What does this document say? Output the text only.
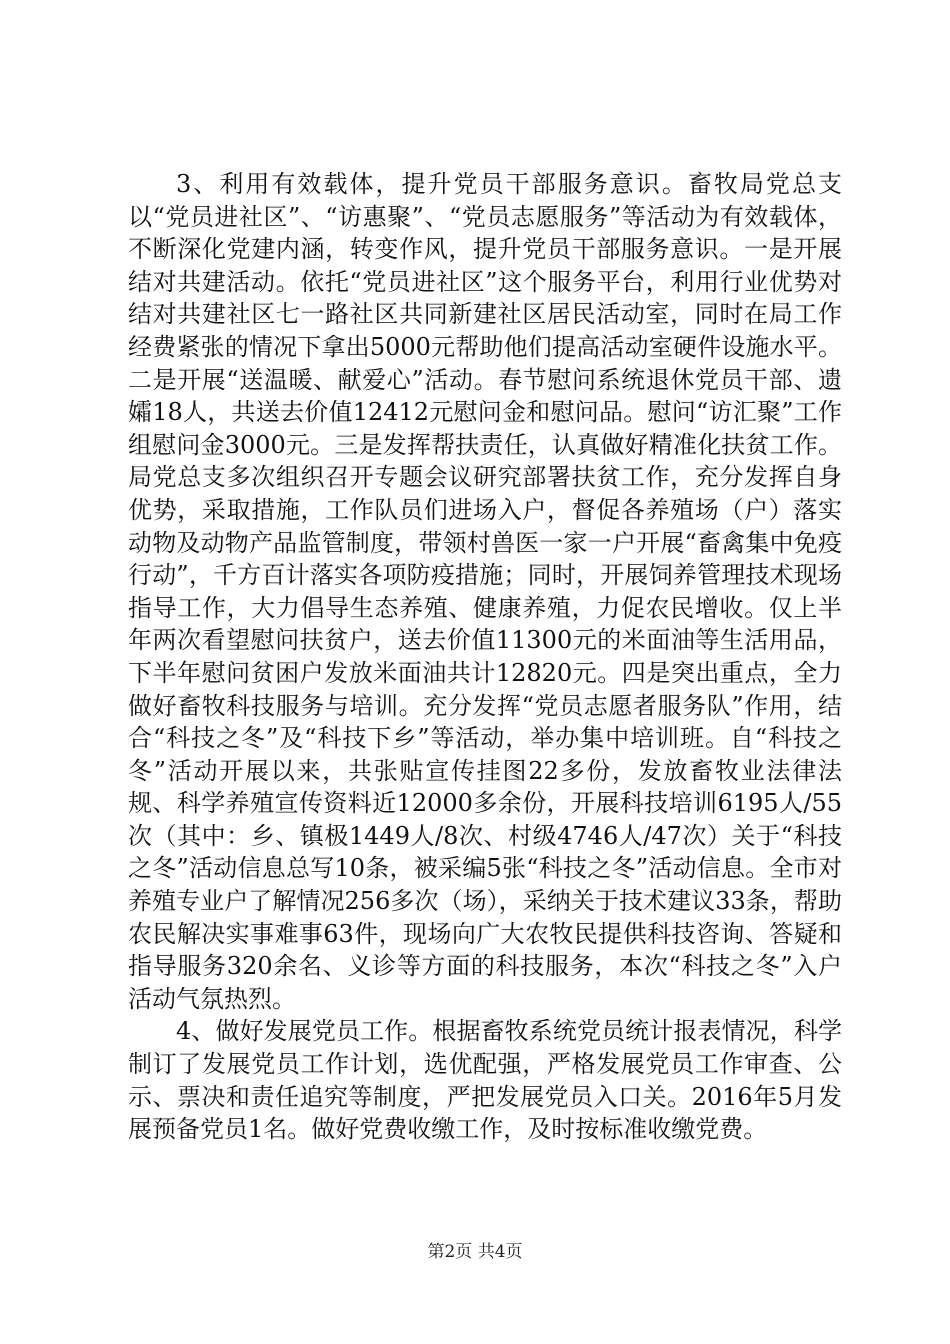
3、利用有效载体，提升党员干部服务意识。畜牧局党总支以“党员进社区”、“访惠聚”、“党员志愿服务”等活动为有效载体，不断深化党建内涵，转变作风，提升党员干部服务意识。一是开展结对共建活动。依托“党员进社区”这个服务平台，利用行业优势对结对共建社区七一路社区共同新建社区居民活动室，同时在局工作经费紧张的情况下拿出5000元帮助他们提高活动室硬件设施水平。二是开展“送温暖、献爱心”活动。春节慰问系统退休党员干部、遗孀18人，共送去价值12412元慰问金和慰问品。慰问“访汇聚”工作组慰问金3000元。三是发挥帮扶责任，认真做好精准化扶贫工作。局党总支多次组织召开专题会议研究部署扶贫工作，充分发挥自身优势，采取措施，工作队员们进场入户，督促各养殖场（户）落实动物及动物产品监管制度，带领村兽医一家一户开展“畜禽集中免疫行动”，千方百计落实各项防疫措施；同时，开展饲养管理技术现场指导工作，大力倡导生态养殖、健康养殖，力促农民增收。仅上半年两次看望慰问扶贫户，送去价值11300元的米面油等生活用品，下半年慰问贫困户发放米面油共计12820元。四是突出重点，全力做好畜牧科技服务与培训。充分发挥“党员志愿者服务队”作用，结合“科技之冬”及“科技下乡”等活动，举办集中培训班。自“科技之冬”活动开展以来，共张贴宣传挂图22多份，发放畜牧业法律法规、科学养殖宣传资料近12000多余份，开展科技培训6195人/55次（其中：乡、镇极1449人/8次、村级4746人/47次）关于“科技之冬”活动信息总写10条，被采编5张“科技之冬”活动信息。全市对养殖专业户了解情况256多次（场），采纳关于技术建议33条，帮助农民解决实事难事63件，现场向广大农牧民提供科技咨询、答疑和指导服务320余名、义诊等方面的科技服务，本次“科技之冬”入户活动气氛热烈。

4、做好发展党员工作。根据畜牧系统党员统计报表情况，科学制订了发展党员工作计划，选优配强，严格发展党员工作审查、公示、票决和责任追究等制度，严把发展党员入口关。2016年5月发展预备党员1名。做好党费收缴工作，及时按标准收缴党费。

第2页 共4页
